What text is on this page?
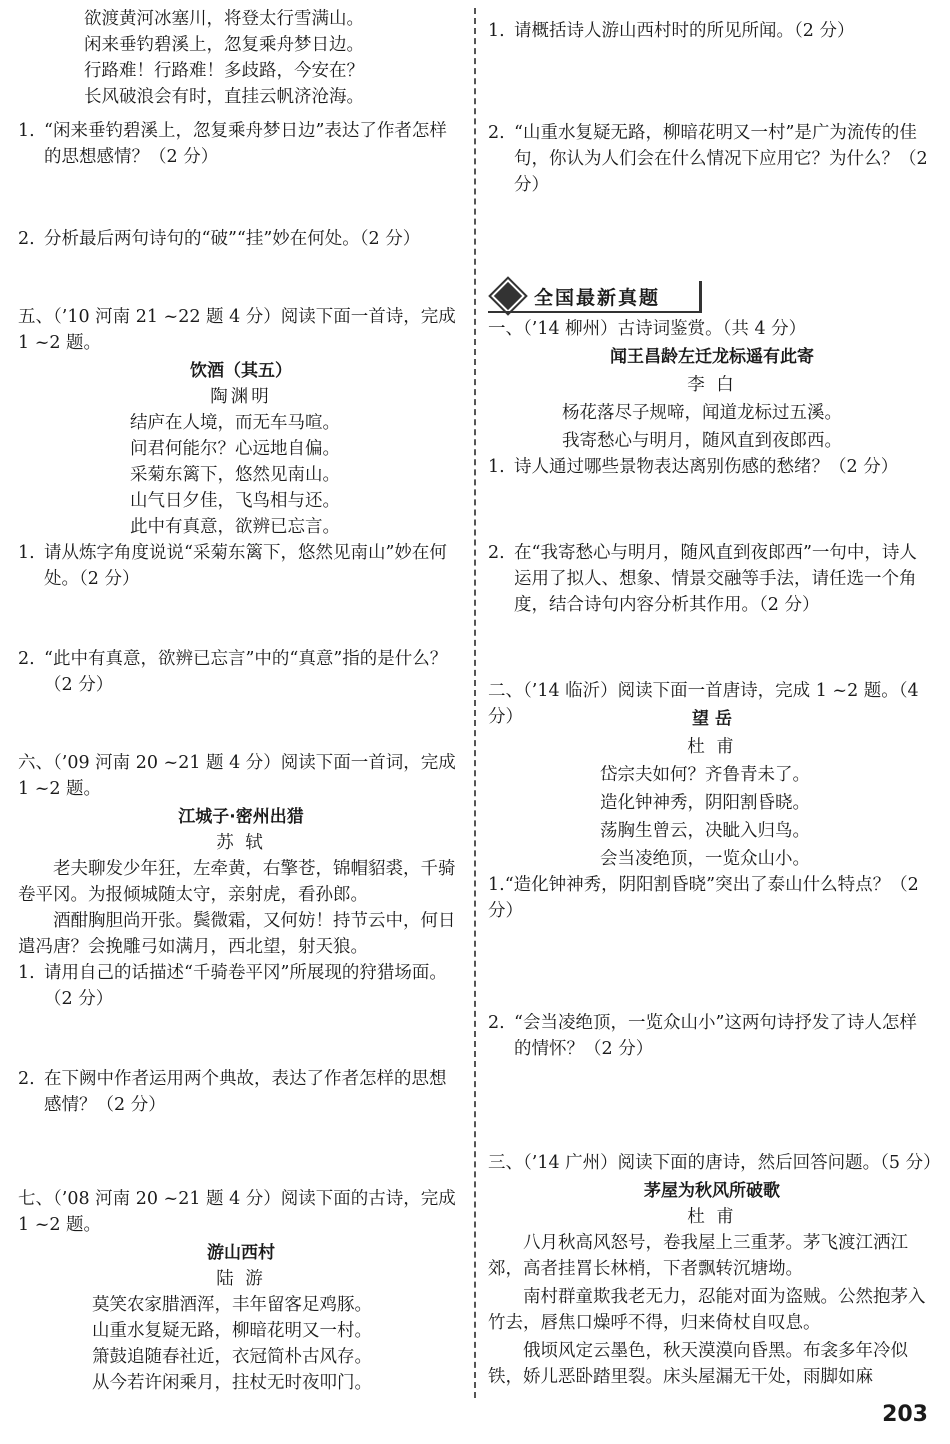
欲渡黄河冰塞川，将登太行雪满山。
闲来垂钓碧溪上，忽复乘舟梦日边。
行路难！行路难！多歧路，今安在？
长风破浪会有时，直挂云帆济沧海。
1. “闲来垂钓碧溪上，忽复乘舟梦日边”表达了作者怎样的思想感情？（2 分）
2. 分析最后两句诗句的“破”“挂”妙在何处。（2 分）
五、（’10 河南 21 ~22 题 4 分）阅读下面一首诗，完成 1 ~2 题。
饮酒（其五）
陶渊明
结庐在人境，而无车马喧。
问君何能尔？心远地自偏。
采菊东篱下，悠然见南山。
山气日夕佳，飞鸟相与还。
此中有真意，欲辨已忘言。
1. 请从炼字角度说说“采菊东篱下，悠然见南山”妙在何处。（2 分）
2. “此中有真意，欲辨已忘言”中的“真意”指的是什么？（2 分）
六、（’09 河南 20 ~21 题 4 分）阅读下面一首词，完成 1 ~2 题。
江城子·密州出猎
苏 轼
老夫聊发少年狂，左牵黄，右擎苍，锦帽貂裘，千骑卷平冈。为报倾城随太守，亲射虎，看孙郎。
酒酣胸胆尚开张。鬓微霜，又何妨！持节云中，何日遣冯唐？会挽雕弓如满月，西北望，射天狼。
1. 请用自己的话描述“千骑卷平冈”所展现的狩猎场面。（2 分）
2. 在下阙中作者运用两个典故，表达了作者怎样的思想感情？（2 分）
七、（’08 河南 20 ~21 题 4 分）阅读下面的古诗，完成 1 ~2 题。
游山西村
陆 游
莫笑农家腊酒浑，丰年留客足鸡豚。
山重水复疑无路，柳暗花明又一村。
箫鼓追随春社近，衣冠简朴古风存。
从今若许闲乘月，拄杖无时夜叩门。
1. 请概括诗人游山西村时的所见所闻。（2 分）
2. “山重水复疑无路，柳暗花明又一村”是广为流传的佳句，你认为人们会在什么情况下应用它？为什么？（2 分）
全国最新真题
一、（’14 柳州）古诗词鉴赏。（共 4 分）
闻王昌龄左迁龙标遥有此寄
李 白
杨花落尽子规啼，闻道龙标过五溪。
我寄愁心与明月，随风直到夜郎西。
1. 诗人通过哪些景物表达离别伤感的愁绪？（2 分）
2. 在“我寄愁心与明月，随风直到夜郎西”一句中，诗人运用了拟人、想象、情景交融等手法，请任选一个角度，结合诗句内容分析其作用。（2 分）
二、（’14 临沂）阅读下面一首唐诗，完成 1 ~2 题。（4 分）	望 岳
杜 甫
岱宗夫如何？齐鲁青未了。
造化钟神秀，阴阳割昏晓。
荡胸生曾云，决眦入归鸟。
会当凌绝顶，一览众山小。
1.“造化钟神秀，阴阳割昏晓”突出了泰山什么特点？（2 分）
2. “会当凌绝顶，一览众山小”这两句诗抒发了诗人怎样的情怀？（2 分）
三、（’14 广州）阅读下面的唐诗，然后回答问题。（5 分）
茅屋为秋风所破歌
杜 甫
八月秋高风怒号，卷我屋上三重茅。茅飞渡江洒江郊，高者挂罥长林梢，下者飘转沉塘坳。
南村群童欺我老无力，忍能对面为盗贼。公然抱茅入竹去，唇焦口燥呼不得，归来倚杖自叹息。
俄顷风定云墨色，秋天漠漠向昏黑。布衾多年冷似铁，娇儿恶卧踏里裂。床头屋漏无干处，雨脚如麻
203
